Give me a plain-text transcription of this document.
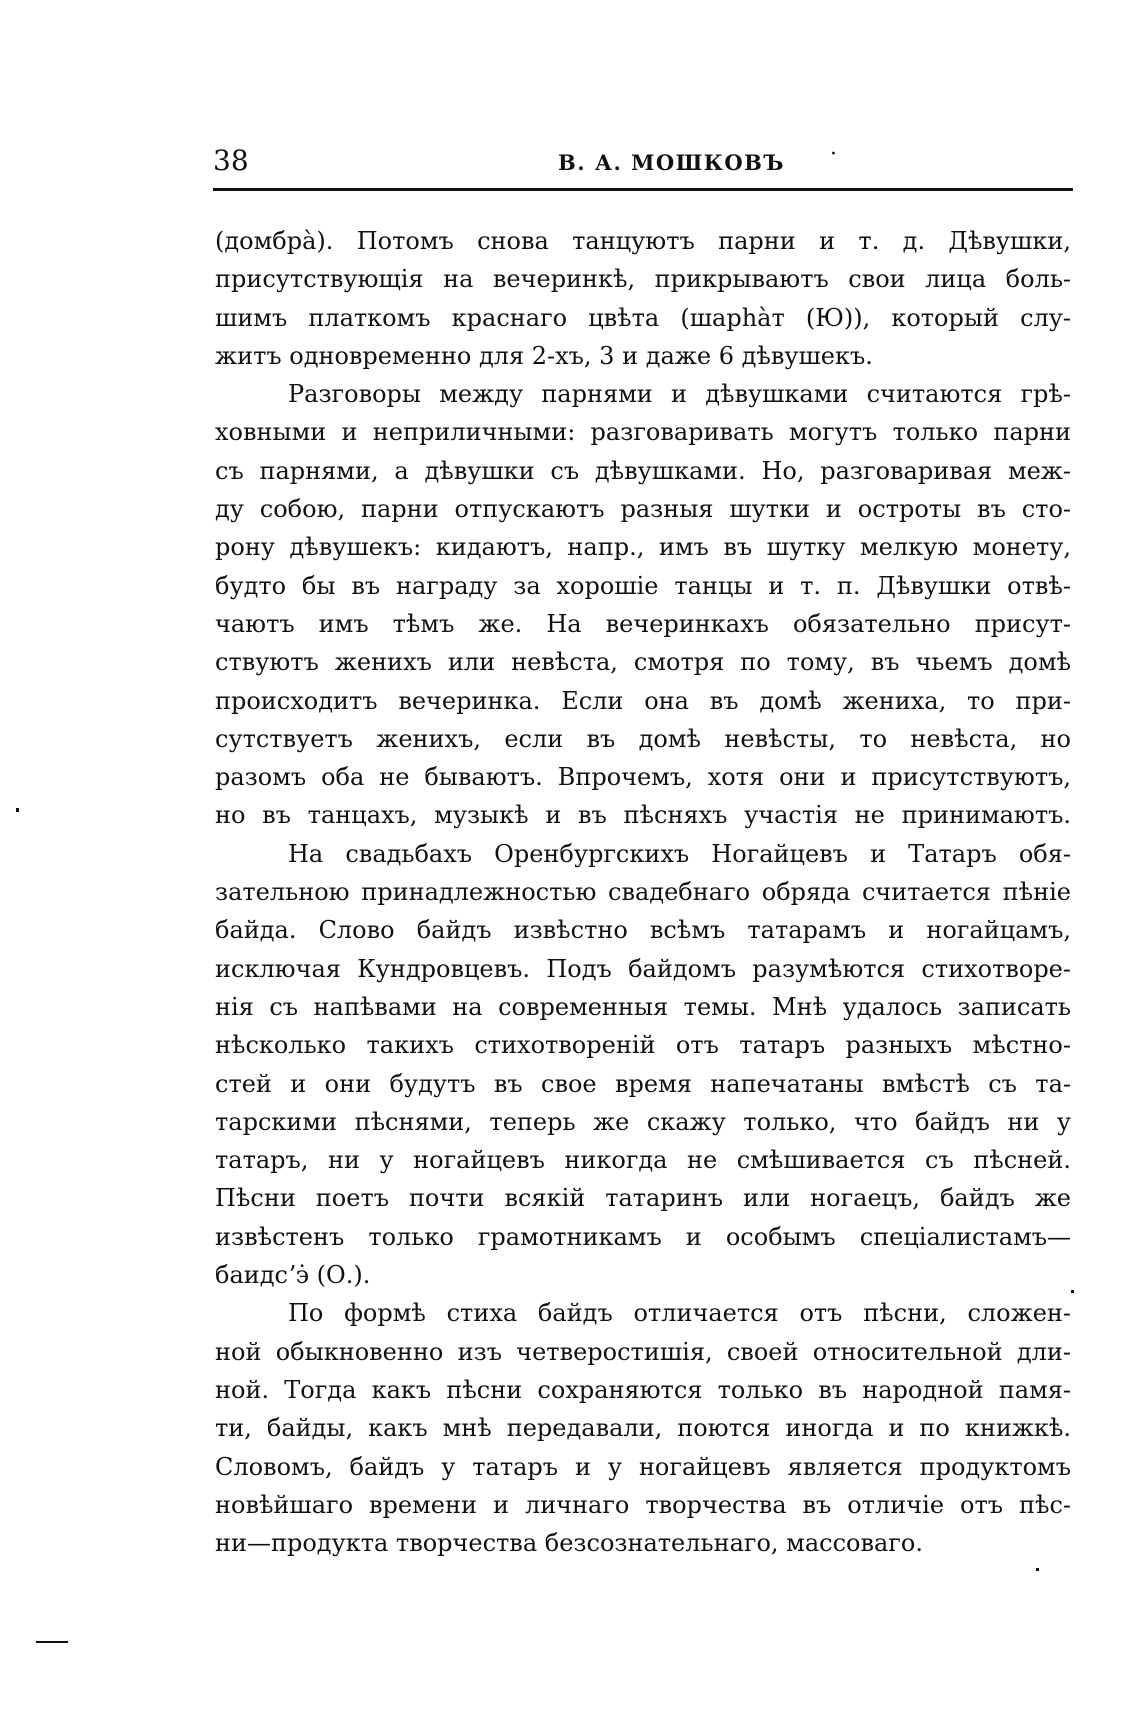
38	В. А. МОШКОВЪ ·
(домбрà). Потомъ снова танцуютъ парни и т. д. Дѣвушки,
присутствующія на вечеринкѣ, прикрываютъ свои лица боль-
шимъ платкомъ краснаго цвѣта (шарһàт (Ю)), который слу-
житъ одновременно для 2-хъ, 3 и даже 6 дѣвушекъ.
Разговоры между парнями и дѣвушками считаются грѣ-
ховными и неприличными: разговаривать могутъ только парни
съ парнями, а дѣвушки съ дѣвушками. Но, разговаривая меж-
ду собою, парни отпускаютъ разныя шутки и остроты въ сто-
рону дѣвушекъ: кидаютъ, напр., имъ въ шутку мелкую монету,
будто бы въ награду за хорошіе танцы и т. п. Дѣвушки отвѣ-
чаютъ имъ тѣмъ же. На вечеринкахъ обязательно присут-
ствуютъ женихъ или невѣста, смотря по тому, въ чьемъ домѣ
происходитъ вечеринка. Если она въ домѣ жениха, то при-
сутствуетъ женихъ, если въ домѣ невѣсты, то невѣста, но
разомъ оба не бываютъ. Впрочемъ, хотя они и присутствуютъ,
но въ танцахъ, музыкѣ и въ пѣсняхъ участія не принимаютъ.
На свадьбахъ Оренбургскихъ Ногайцевъ и Татаръ обя-
зательною принадлежностью свадебнаго обряда считается пѣніе
байда. Слово байдъ извѣстно всѣмъ татарамъ и ногайцамъ,
исключая Кундровцевъ. Подъ байдомъ разумѣются стихотворе-
нія съ напѣвами на современныя темы. Мнѣ удалось записать
нѣсколько такихъ стихотвореній отъ татаръ разныхъ мѣстно-
стей и они будутъ въ свое время напечатаны вмѣстѣ съ та-
тарскими пѣснями, теперь же скажу только, что байдъ ни у
татаръ, ни у ногайцевъ никогда не смѣшивается съ пѣсней.
Пѣсни поетъ почти всякій татаринъ или ногаецъ, байдъ же
извѣстенъ только грамотникамъ и особымъ спеціалистамъ—
баидсʼэ̇ (О.).
По формѣ стиха байдъ отличается отъ пѣсни, сложен-
ной обыкновенно изъ четверостишія, своей относительной дли-
ной. Тогда какъ пѣсни сохраняются только въ народной памя-
ти, байды, какъ мнѣ передавали, поются иногда и по книжкѣ.
Словомъ, байдъ у татаръ и у ногайцевъ является продуктомъ
новѣйшаго времени и личнаго творчества въ отличіе отъ пѣс-
ни—продукта творчества безсознательнаго, массоваго.
